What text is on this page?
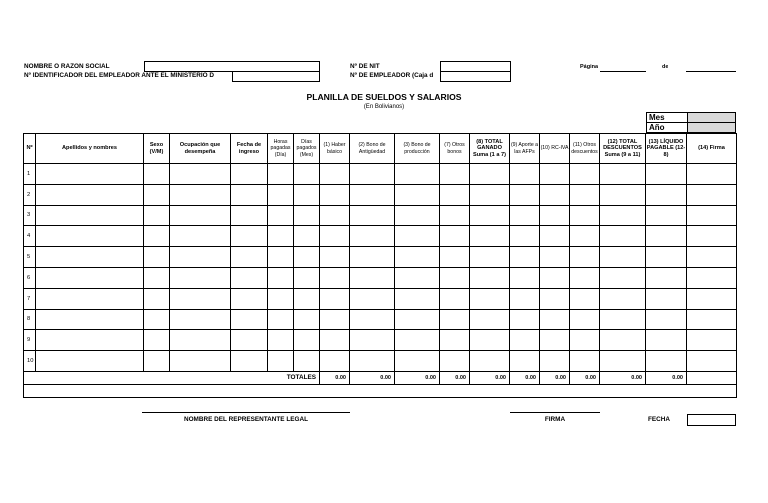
NOMBRE O RAZÓN SOCIAL
Nº IDENTIFICADOR DEL EMPLEADOR ANTE EL MINISTERIO D
Nº DE NIT
Nº DE EMPLEADOR (Caja d
Página	de
PLANILLA DE SUELDOS Y SALARIOS
(En Bolivianos)
Mes
Año
Nº	Apellidos y nombres	Sexo (V/M)	Ocupación que desempeña	Fecha de ingreso	Horas pagadas (Día)	Días pagados (Mes)	(1) Haber básico	(2) Bono de Antigüedad	(3) Bono de producción	(7) Otros bonos	(8) TOTAL GANADO Suma (1 a 7)	(9) Aporte a las AFPs	(10) RC-IVA	(11) Otros descuentos	(12) TOTAL DESCUENTOS Suma (9 a 11)	(13) LÍQUIDO PAGABLE (12-8)	(14) Firma
1																	
2																	
3																	
4																	
5																	
6																	
7																	
8																	
9																	
10																	
TOTALES							0.00	0.00	0.00	0.00	0.00	0.00	0.00	0.00	0.00	0.00	

NOMBRE DEL REPRESENTANTE LEGAL	FIRMA	FECHA
